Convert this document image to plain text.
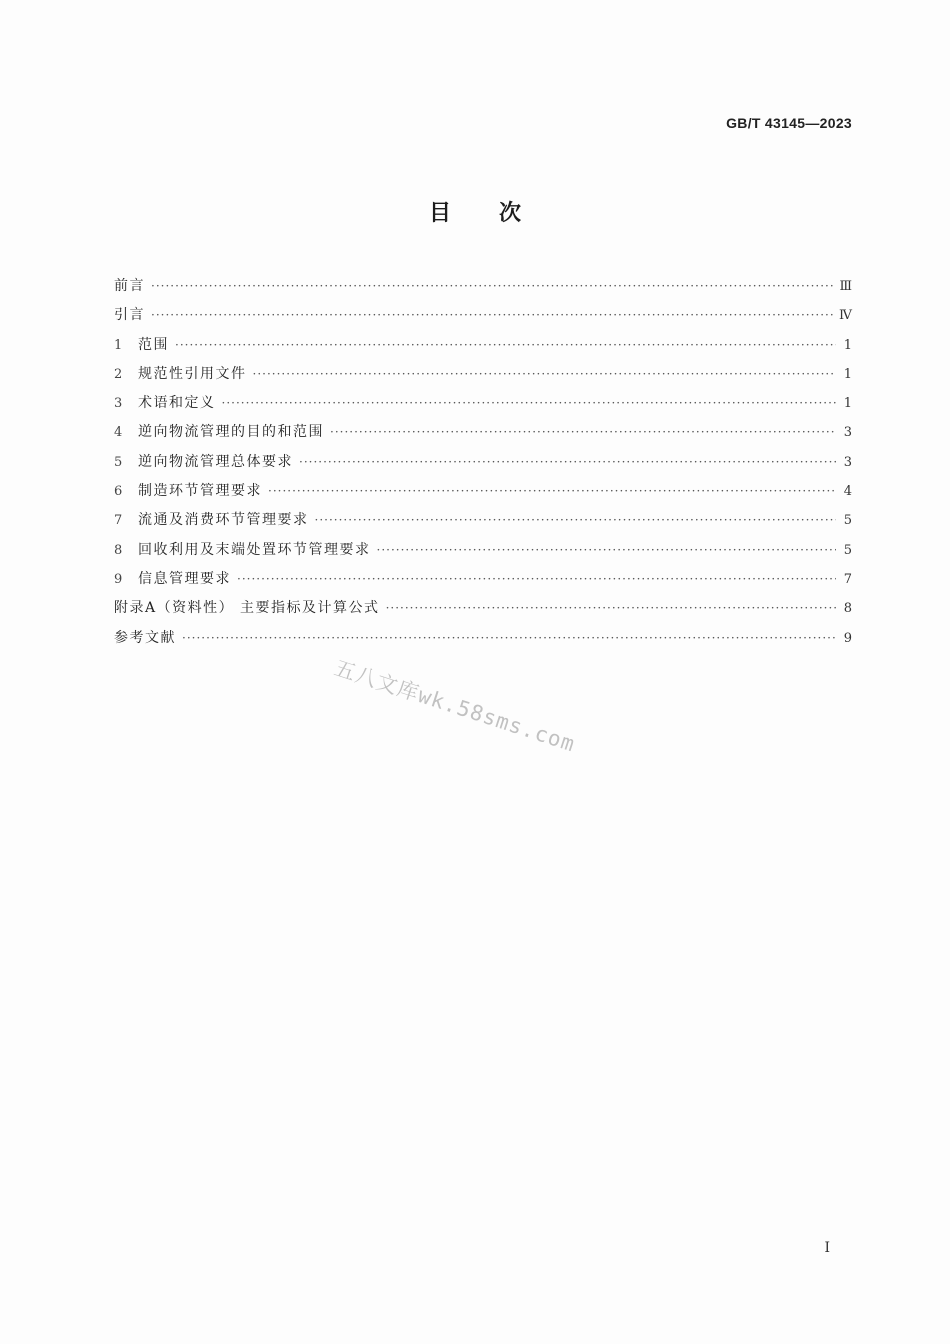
GB/T 43145—2023
目次
前言 ·····	Ⅲ
引言 ·····	Ⅳ
1	范围 ·····	1
2	规范性引用文件 ·····	1
3	术语和定义 ·····	1
4	逆向物流管理的目的和范围 ·····	3
5	逆向物流管理总体要求 ·····	3
6	制造环节管理要求 ·····	4
7	流通及消费环节管理要求 ·····	5
8	回收利用及末端处置环节管理要求 ·····	5
9	信息管理要求 ·····	7
附录A（资料性） 主要指标及计算公式 ·····	8
参考文献 ·····	9
五八文库wk.58sms.com
I
